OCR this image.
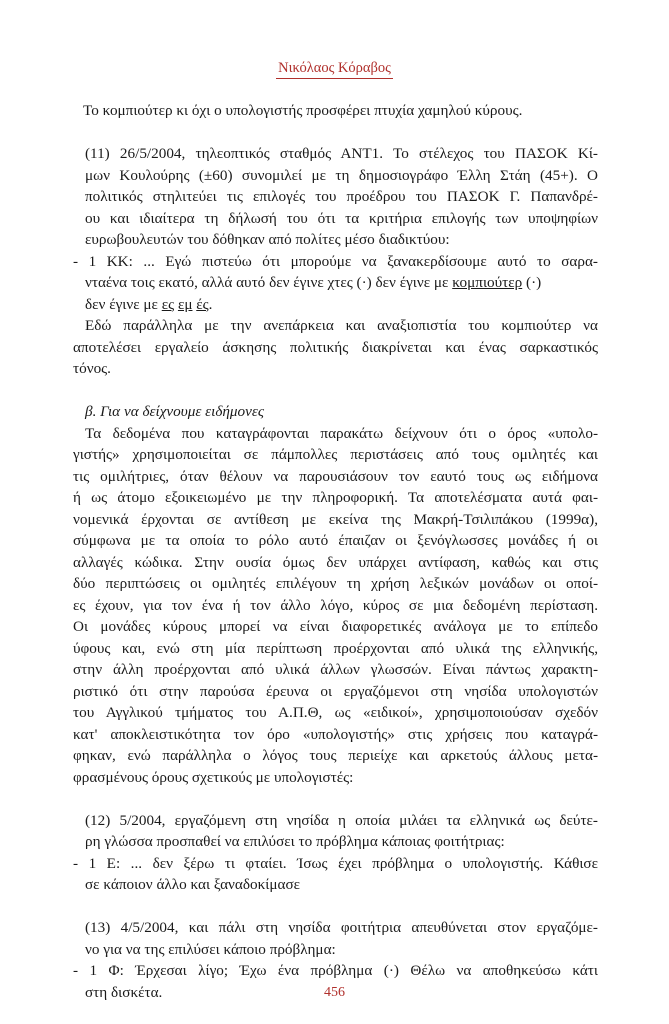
Νικόλαος Κόραβος
Το κομπιούτερ κι όχι ο υπολογιστής προσφέρει πτυχία χαμηλού κύρους.
(11) 26/5/2004, τηλεοπτικός σταθμός ΑΝΤ1. Το στέλεχος του ΠΑΣΟΚ Κί-
μων Κουλούρης (±60) συνομιλεί με τη δημοσιογράφο Έλλη Στάη (45+). Ο
πολιτικός στηλιτεύει τις επιλογές του προέδρου του ΠΑΣΟΚ Γ. Παπανδρέ-
ου και ιδιαίτερα τη δήλωσή του ότι τα κριτήρια επιλογής των υποψηφίων
ευρωβουλευτών του δόθηκαν από πολίτες μέσο διαδικτύου:
- 1 ΚΚ: ... Εγώ πιστεύω ότι μπορούμε να ξανακερδίσουμε αυτό το σαρα-
νταένα τοις εκατό, αλλά αυτό δεν έγινε χτες (·) δεν έγινε με κομπιούτερ (·)
δεν έγινε με ες εμ ές.
Εδώ παράλληλα με την ανεπάρκεια και αναξιοπιστία του κομπιούτερ να
αποτελέσει εργαλείο άσκησης πολιτικής διακρίνεται και ένας σαρκαστικός
τόνος.
β. Για να δείχνουμε ειδήμονες
Τα δεδομένα που καταγράφονται παρακάτω δείχνουν ότι ο όρος «υπολο-
γιστής» χρησιμοποιείται σε πάμπολλες περιστάσεις από τους ομιλητές και
τις ομιλήτριες, όταν θέλουν να παρουσιάσουν τον εαυτό τους ως ειδήμονα
ή ως άτομο εξοικειωμένο με την πληροφορική. Τα αποτελέσματα αυτά φαι-
νομενικά έρχονται σε αντίθεση με εκείνα της Μακρή-Τσιλιπάκου (1999α),
σύμφωνα με τα οποία το ρόλο αυτό έπαιζαν οι ξενόγλωσσες μονάδες ή οι
αλλαγές κώδικα. Στην ουσία όμως δεν υπάρχει αντίφαση, καθώς και στις
δύο περιπτώσεις οι ομιλητές επιλέγουν τη χρήση λεξικών μονάδων οι οποί-
ες έχουν, για τον ένα ή τον άλλο λόγο, κύρος σε μια δεδομένη περίσταση.
Οι μονάδες κύρους μπορεί να είναι διαφορετικές ανάλογα με το επίπεδο
ύφους και, ενώ στη μία περίπτωση προέρχονται από υλικά της ελληνικής,
στην άλλη προέρχονται από υλικά άλλων γλωσσών. Είναι πάντως χαρακτη-
ριστικό ότι στην παρούσα έρευνα οι εργαζόμενοι στη νησίδα υπολογιστών
του Αγγλικού τμήματος του Α.Π.Θ, ως «ειδικοί», χρησιμοποιούσαν σχεδόν
κατ' αποκλειστικότητα τον όρο «υπολογιστής» στις χρήσεις που καταγρά-
φηκαν, ενώ παράλληλα ο λόγος τους περιείχε και αρκετούς άλλους μετα-
φρασμένους όρους σχετικούς με υπολογιστές:
(12) 5/2004, εργαζόμενη στη νησίδα η οποία μιλάει τα ελληνικά ως δεύτε-
ρη γλώσσα προσπαθεί να επιλύσει το πρόβλημα κάποιας φοιτήτριας:
- 1 Ε: ... δεν ξέρω τι φταίει. Ίσως έχει πρόβλημα ο υπολογιστής. Κάθισε
σε κάποιον άλλο και ξαναδοκίμασε
(13) 4/5/2004, και πάλι στη νησίδα φοιτήτρια απευθύνεται στον εργαζόμε-
νο για να της επιλύσει κάποιο πρόβλημα:
- 1 Φ: Έρχεσαι λίγο; Έχω ένα πρόβλημα (·) Θέλω να αποθηκεύσω κάτι
στη δισκέτα.	456
